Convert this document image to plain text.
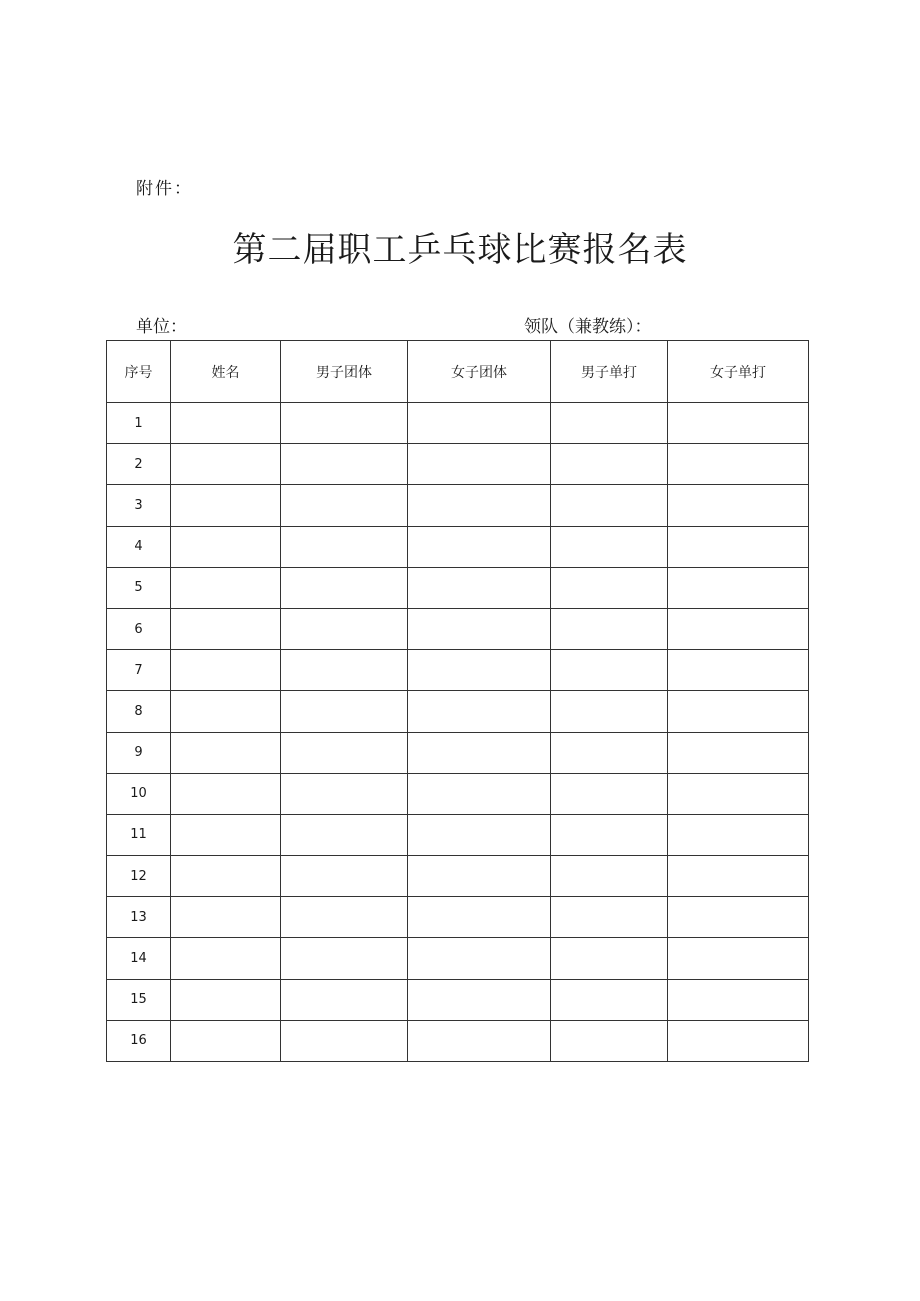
附件：
第二届职工乒乓球比赛报名表
单位：	领队（兼教练）：
序号	姓名	男子团体	女子团体	男子单打	女子单打
1					
2					
3					
4					
5					
6					
7					
8					
9					
10					
11					
12					
13					
14					
15					
16					
